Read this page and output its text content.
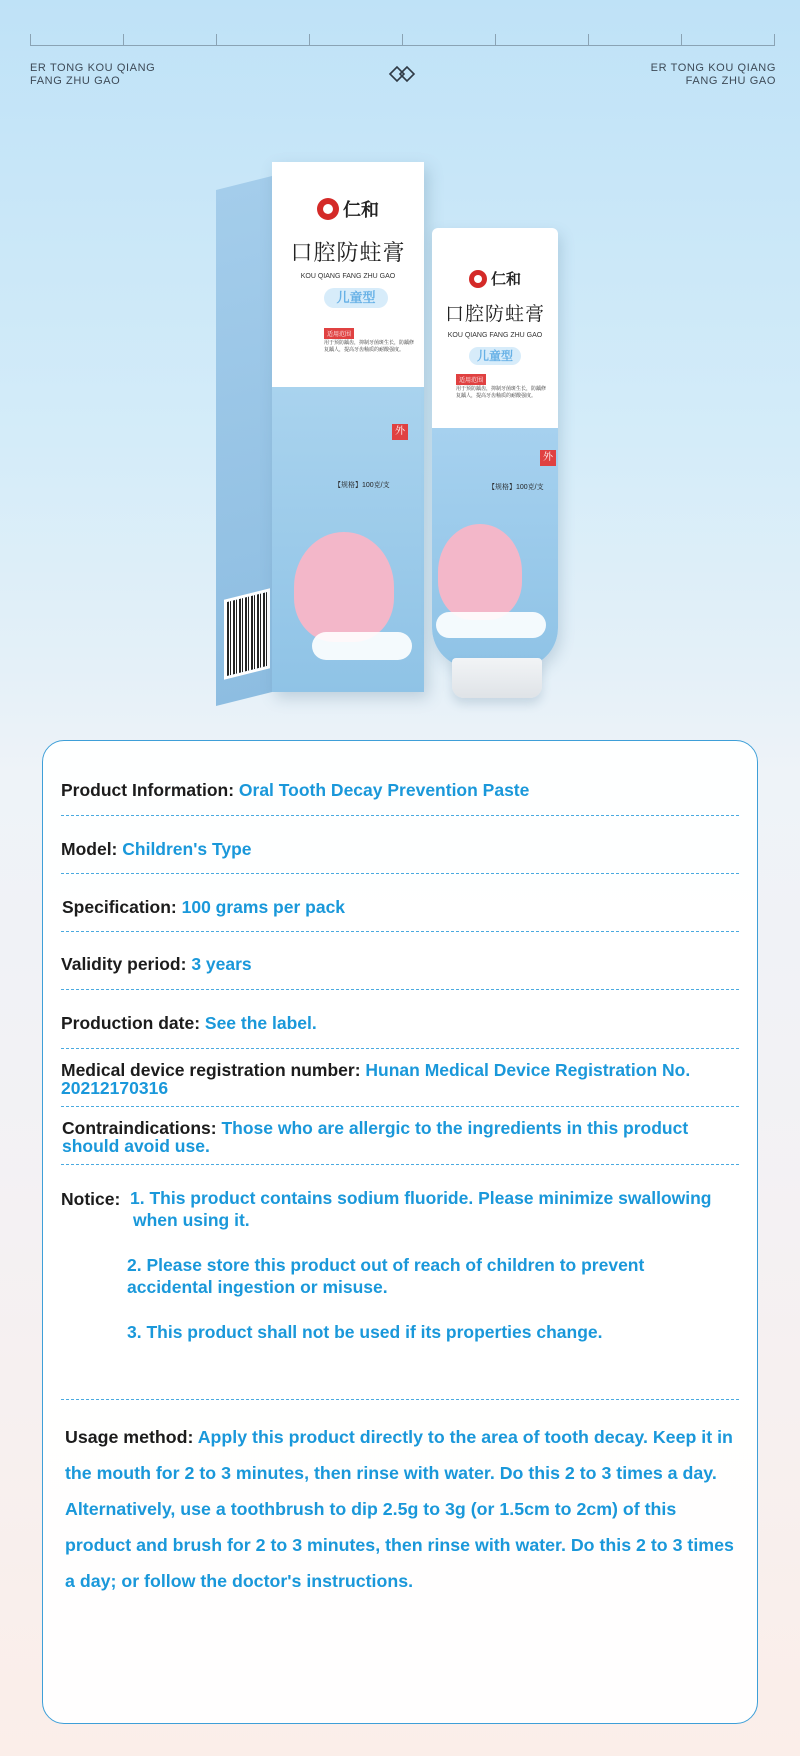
ER TONG KOU QIANG
FANG ZHU GAO
ER TONG KOU QIANG
FANG ZHU GAO
仁和
口腔防蛀膏
KOU QIANG FANG ZHU GAO
儿童型
适用范围
用于预防龋齿，抑制牙菌斑生长，防龋修复龋人，提高牙齿釉质的耐酸强度。
外
【规格】100克/支
仁和
口腔防蛀膏
KOU QIANG FANG ZHU GAO
儿童型
适用范围
用于预防龋齿，抑制牙菌斑生长，防龋修复龋人，提高牙齿釉质的耐酸强度。
外
【规格】100克/支
Product Information: Oral Tooth Decay Prevention Paste
Model: Children's Type
Specification: 100 grams per pack
Validity period: 3 years
Production date: See the label.
Medical device registration number: Hunan Medical Device Registration No.
20212170316
Contraindications: Those who are allergic to the ingredients in this product
should avoid use.
Notice: 1. This product contains sodium fluoride. Please minimize swallowing
when using it.
2. Please store this product out of reach of children to prevent
accidental ingestion or misuse.
3. This product shall not be used if its properties change.
Usage method: Apply this product directly to the area of tooth decay. Keep it in the mouth for 2 to 3 minutes, then rinse with water. Do this 2 to 3 times a day. Alternatively, use a toothbrush to dip 2.5g to 3g (or 1.5cm to 2cm) of this product and brush for 2 to 3 minutes, then rinse with water. Do this 2 to 3 times a day; or follow the doctor's instructions.
